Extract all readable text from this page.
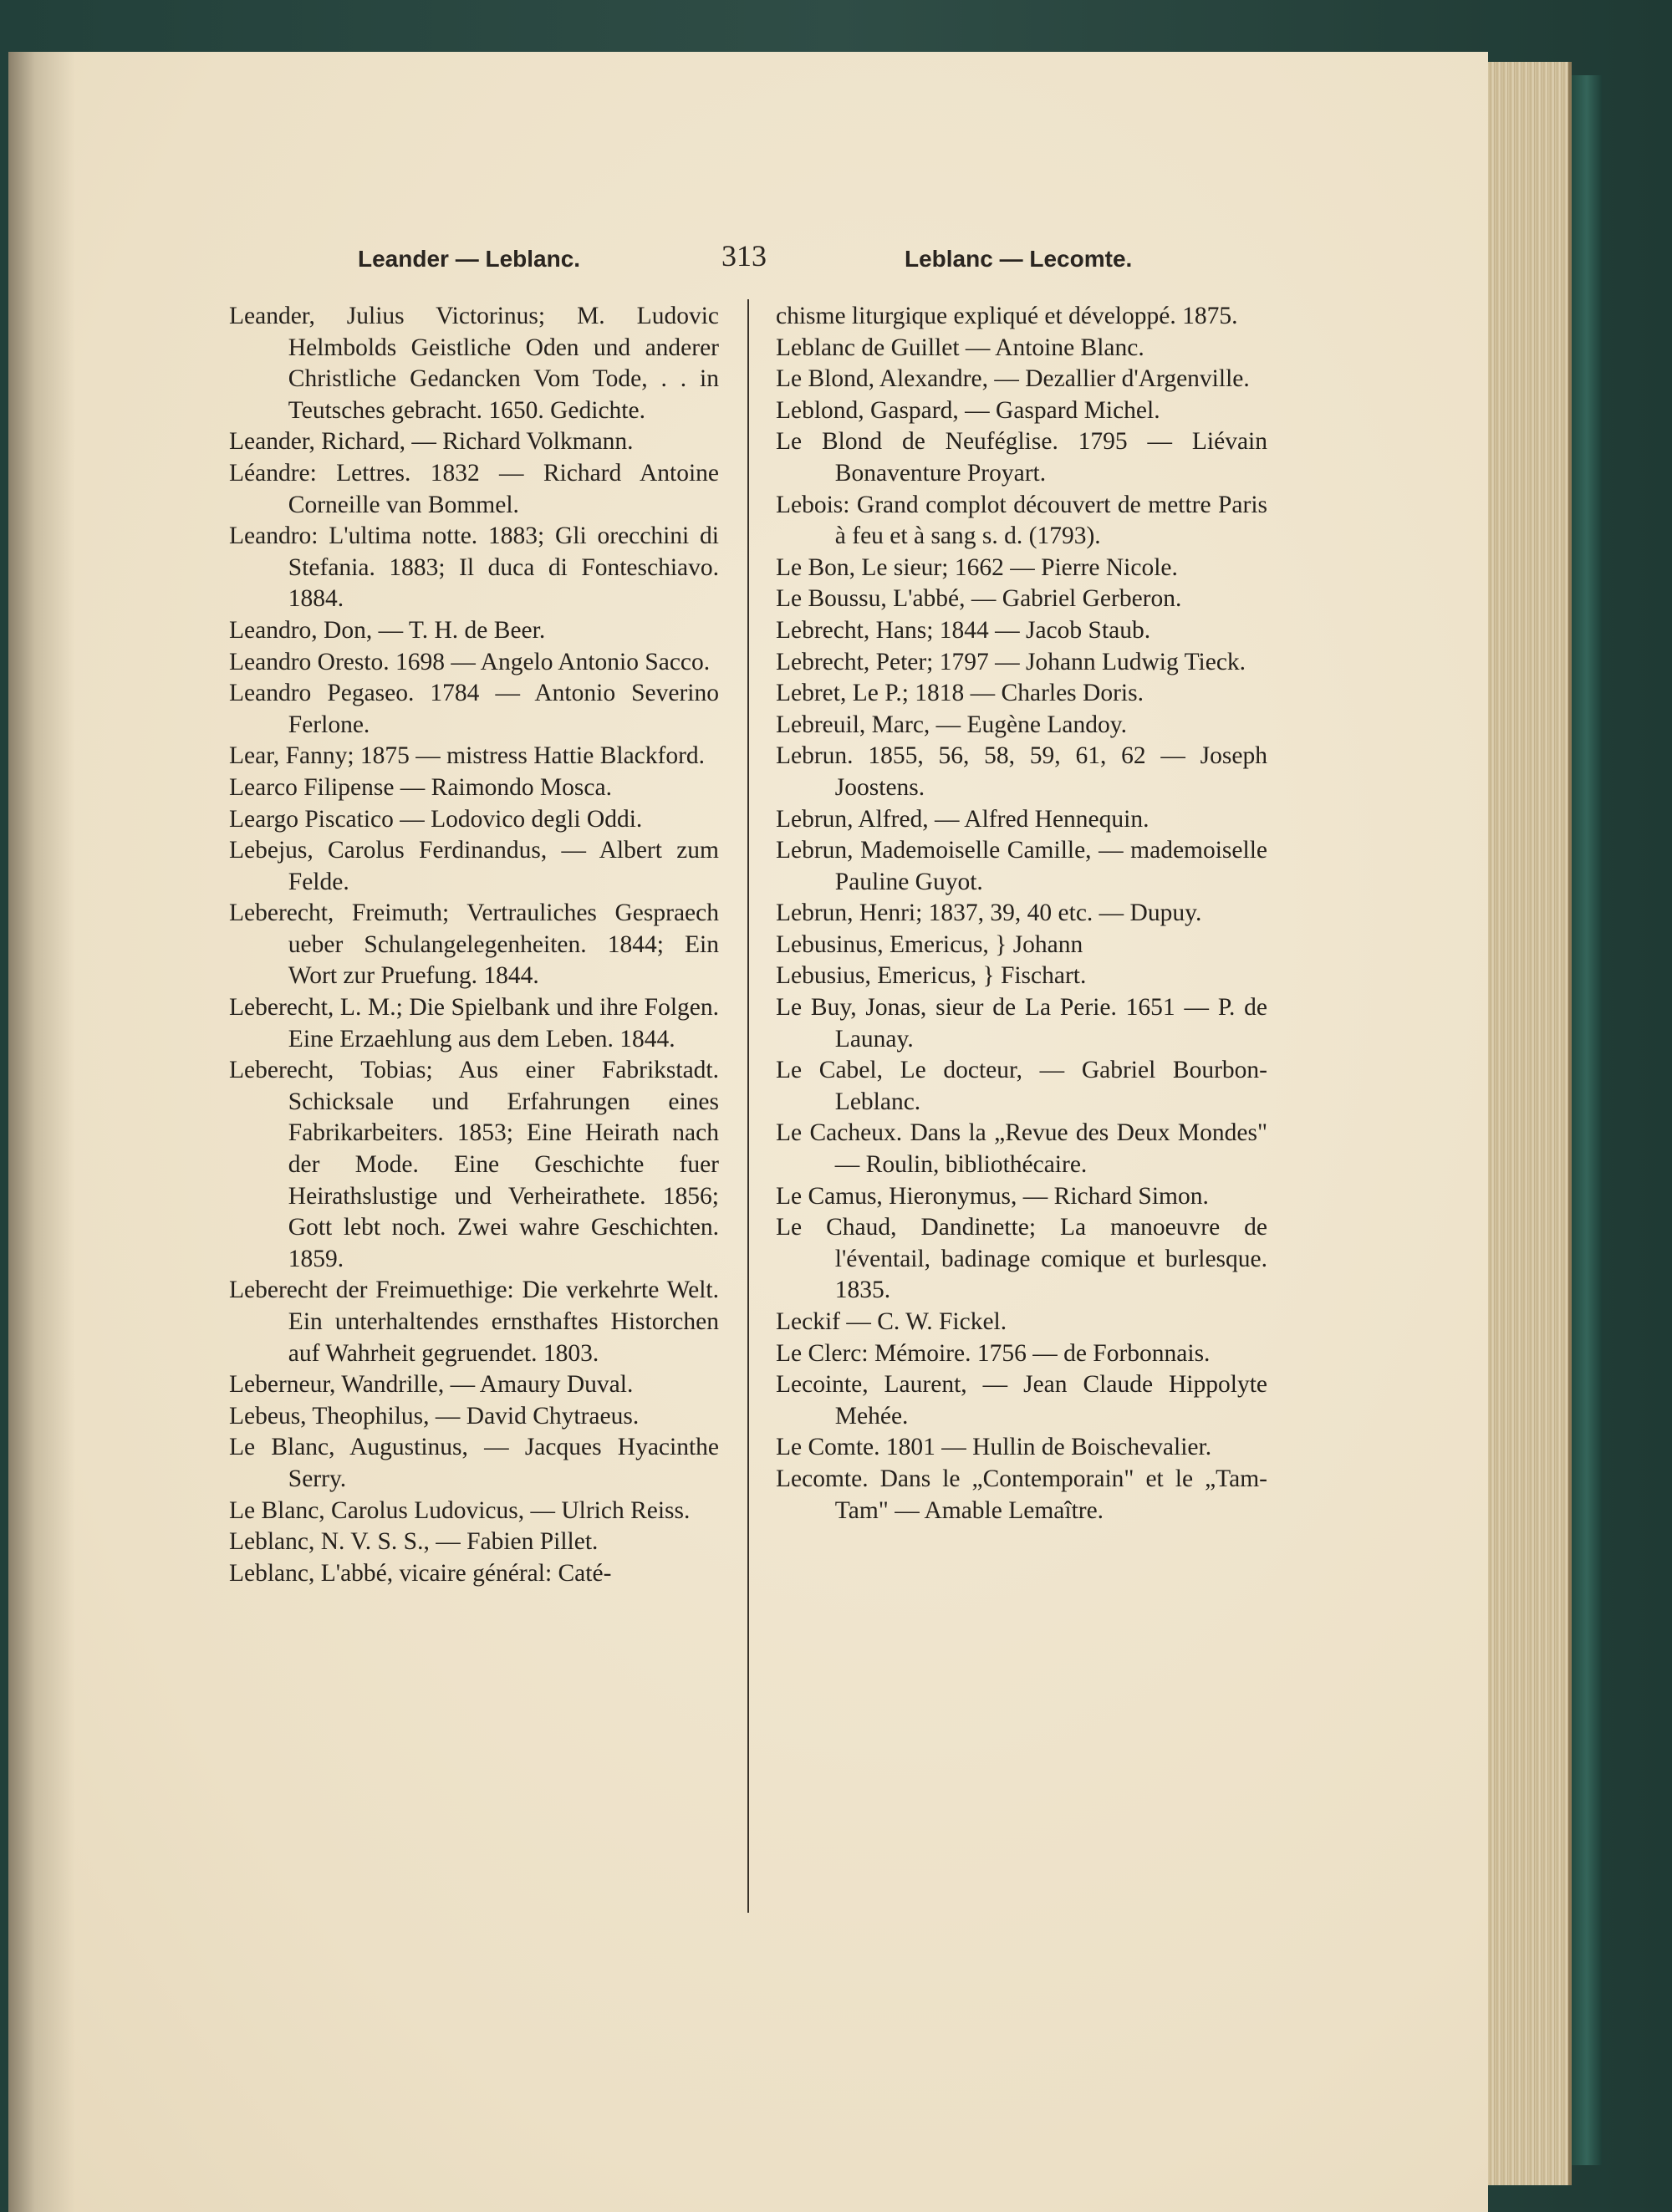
Leander — Leblanc.	313	Leblanc — Lecomte.
Leander, Julius Victorinus; M. Ludovic Helmbolds Geistliche Oden und anderer Christliche Gedancken Vom Tode, . . in Teutsches gebracht. 1650. Gedichte.
Leander, Richard, — Richard Volkmann.
Léandre: Lettres. 1832 — Richard Antoine Corneille van Bommel.
Leandro: L'ultima notte. 1883; Gli orecchini di Stefania. 1883; Il duca di Fonteschiavo. 1884.
Leandro, Don, — T. H. de Beer.
Leandro Oresto. 1698 — Angelo Antonio Sacco.
Leandro Pegaseo. 1784 — Antonio Severino Ferlone.
Lear, Fanny; 1875 — mistress Hattie Blackford.
Learco Filipense — Raimondo Mosca.
Leargo Piscatico — Lodovico degli Oddi.
Lebejus, Carolus Ferdinandus, — Albert zum Felde.
Leberecht, Freimuth; Vertrauliches Gespraech ueber Schulangelegenheiten. 1844; Ein Wort zur Pruefung. 1844.
Leberecht, L. M.; Die Spielbank und ihre Folgen. Eine Erzaehlung aus dem Leben. 1844.
Leberecht, Tobias; Aus einer Fabrikstadt. Schicksale und Erfahrungen eines Fabrikarbeiters. 1853; Eine Heirath nach der Mode. Eine Geschichte fuer Heirathslustige und Verheirathete. 1856; Gott lebt noch. Zwei wahre Geschichten. 1859.
Leberecht der Freimuethige: Die verkehrte Welt. Ein unterhaltendes ernsthaftes Historchen auf Wahrheit gegruendet. 1803.
Leberneur, Wandrille, — Amaury Duval.
Lebeus, Theophilus, — David Chytraeus.
Le Blanc, Augustinus, — Jacques Hyacinthe Serry.
Le Blanc, Carolus Ludovicus, — Ulrich Reiss.
Leblanc, N. V. S. S., — Fabien Pillet.
Leblanc, L'abbé, vicaire général: Caté-
chisme liturgique expliqué et développé. 1875.
Leblanc de Guillet — Antoine Blanc.
Le Blond, Alexandre, — Dezallier d'Argenville.
Leblond, Gaspard, — Gaspard Michel.
Le Blond de Neuféglise. 1795 — Liévain Bonaventure Proyart.
Lebois: Grand complot découvert de mettre Paris à feu et à sang s. d. (1793).
Le Bon, Le sieur; 1662 — Pierre Nicole.
Le Boussu, L'abbé, — Gabriel Gerberon.
Lebrecht, Hans; 1844 — Jacob Staub.
Lebrecht, Peter; 1797 — Johann Ludwig Tieck.
Lebret, Le P.; 1818 — Charles Doris.
Lebreuil, Marc, — Eugène Landoy.
Lebrun. 1855, 56, 58, 59, 61, 62 — Joseph Joostens.
Lebrun, Alfred, — Alfred Hennequin.
Lebrun, Mademoiselle Camille, — mademoiselle Pauline Guyot.
Lebrun, Henri; 1837, 39, 40 etc. — Dupuy.
Lebusinus, Emericus, } Johann
Lebusius, Emericus, } Fischart.
Le Buy, Jonas, sieur de La Perie. 1651 — P. de Launay.
Le Cabel, Le docteur, — Gabriel Bourbon-Leblanc.
Le Cacheux. Dans la „Revue des Deux Mondes" — Roulin, bibliothécaire.
Le Camus, Hieronymus, — Richard Simon.
Le Chaud, Dandinette; La manoeuvre de l'éventail, badinage comique et burlesque. 1835.
Leckif — C. W. Fickel.
Le Clerc: Mémoire. 1756 — de Forbonnais.
Lecointe, Laurent, — Jean Claude Hippolyte Mehée.
Le Comte. 1801 — Hullin de Boischevalier.
Lecomte. Dans le „Contemporain" et le „Tam-Tam" — Amable Lemaître.
